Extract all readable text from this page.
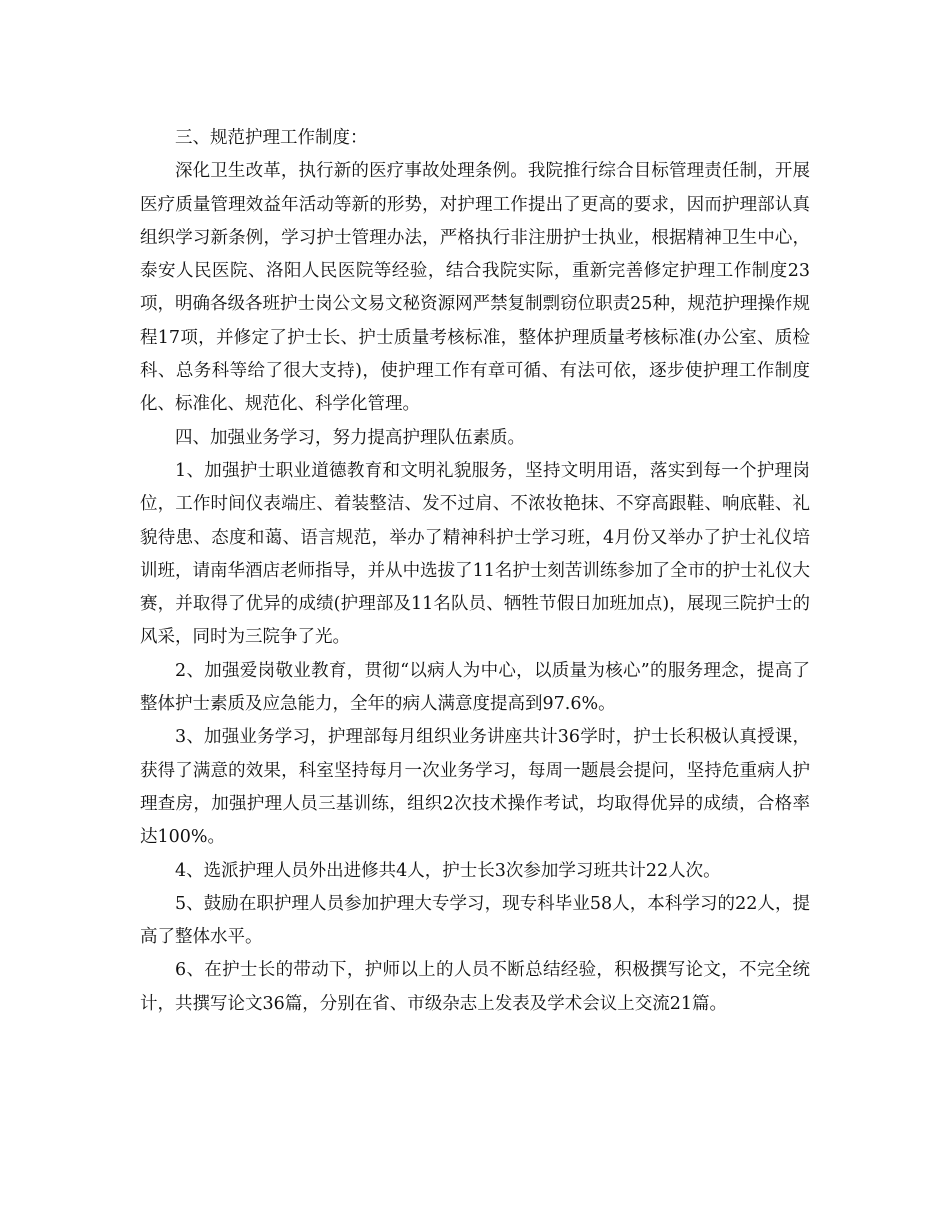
三、规范护理工作制度：

深化卫生改革，执行新的医疗事故处理条例。我院推行综合目标管理责任制，开展医疗质量管理效益年活动等新的形势，对护理工作提出了更高的要求，因而护理部认真组织学习新条例，学习护士管理办法，严格执行非注册护士执业，根据精神卫生中心，泰安人民医院、洛阳人民医院等经验，结合我院实际，重新完善修定护理工作制度23项，明确各级各班护士岗公文易文秘资源网严禁复制剽窃位职责25种，规范护理操作规程17项，并修定了护士长、护士质量考核标准，整体护理质量考核标准(办公室、质检科、总务科等给了很大支持)，使护理工作有章可循、有法可依，逐步使护理工作制度化、标准化、规范化、科学化管理。

四、加强业务学习，努力提高护理队伍素质。

1、加强护士职业道德教育和文明礼貌服务，坚持文明用语，落实到每一个护理岗位，工作时间仪表端庄、着装整洁、发不过肩、不浓妆艳抹、不穿高跟鞋、响底鞋、礼貌待患、态度和蔼、语言规范，举办了精神科护士学习班，4月份又举办了护士礼仪培训班，请南华酒店老师指导，并从中选拔了11名护士刻苦训练参加了全市的护士礼仪大赛，并取得了优异的成绩(护理部及11名队员、牺牲节假日加班加点)，展现三院护士的风采，同时为三院争了光。

2、加强爱岗敬业教育，贯彻“以病人为中心，以质量为核心”的服务理念，提高了整体护士素质及应急能力，全年的病人满意度提高到97.6%。

3、加强业务学习，护理部每月组织业务讲座共计36学时，护士长积极认真授课，获得了满意的效果，科室坚持每月一次业务学习，每周一题晨会提问，坚持危重病人护理查房，加强护理人员三基训练，组织2次技术操作考试，均取得优异的成绩，合格率达100%。

4、选派护理人员外出进修共4人，护士长3次参加学习班共计22人次。

5、鼓励在职护理人员参加护理大专学习，现专科毕业58人，本科学习的22人，提高了整体水平。

6、在护士长的带动下，护师以上的人员不断总结经验，积极撰写论文，不完全统计，共撰写论文36篇，分别在省、市级杂志上发表及学术会议上交流21篇。
